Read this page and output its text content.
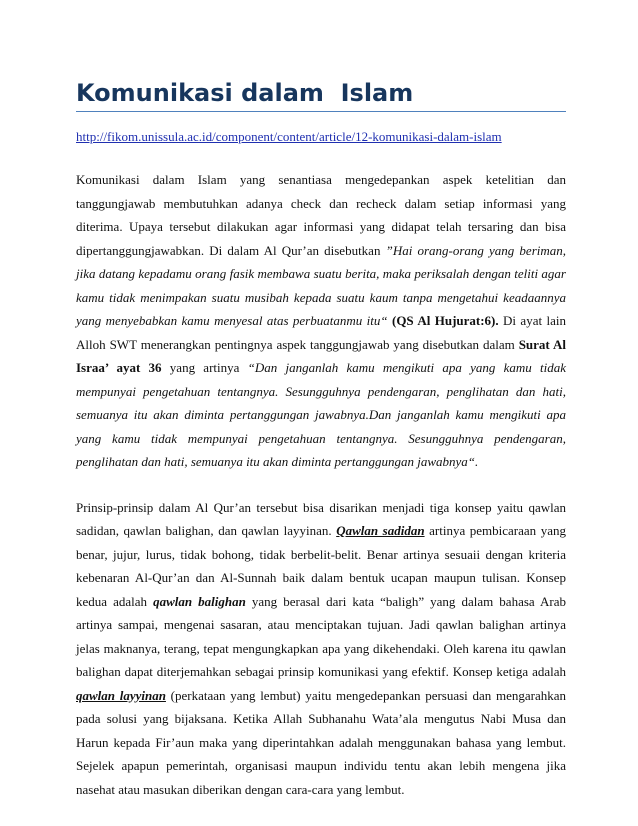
Komunikasi dalam  Islam
http://fikom.unissula.ac.id/component/content/article/12-komunikasi-dalam-islam

Komunikasi dalam Islam yang senantiasa mengedepankan aspek ketelitian dan tanggungjawab membutuhkan adanya check dan recheck dalam setiap informasi yang diterima. Upaya tersebut dilakukan agar informasi yang didapat telah tersaring dan bisa dipertanggungjawabkan. Di dalam Al Qur’an disebutkan ”Hai orang-orang yang beriman, jika datang kepadamu orang fasik membawa suatu berita, maka periksalah dengan teliti agar kamu tidak menimpakan suatu musibah kepada suatu kaum tanpa mengetahui keadaannya yang menyebabkan kamu menyesal atas perbuatanmu itu“ (QS Al Hujurat:6). Di ayat lain Alloh SWT menerangkan pentingnya aspek tanggungjawab yang disebutkan dalam Surat Al Israa’ ayat 36 yang artinya “Dan janganlah kamu mengikuti apa yang kamu tidak mempunyai pengetahuan tentangnya. Sesungguhnya pendengaran, penglihatan dan hati, semuanya itu akan diminta pertanggungan jawabnya.Dan janganlah kamu mengikuti apa yang kamu tidak mempunyai pengetahuan tentangnya. Sesungguhnya pendengaran, penglihatan dan hati, semuanya itu akan diminta pertanggungan jawabnya“.

Prinsip-prinsip dalam Al Qur’an tersebut bisa disarikan menjadi tiga konsep yaitu qawlan sadidan, qawlan balighan, dan qawlan layyinan. Qawlan sadidan artinya pembicaraan yang benar, jujur, lurus, tidak bohong, tidak berbelit-belit. Benar artinya sesuaii dengan kriteria kebenaran Al-Qur’an dan Al-Sunnah baik dalam bentuk ucapan maupun tulisan. Konsep kedua adalah qawlan balighan yang berasal dari kata “baligh” yang dalam bahasa Arab artinya sampai, mengenai sasaran, atau menciptakan tujuan. Jadi qawlan balighan artinya jelas maknanya, terang, tepat mengungkapkan apa yang dikehendaki. Oleh karena itu qawlan balighan dapat diterjemahkan sebagai prinsip komunikasi yang efektif. Konsep ketiga adalah qawlan layyinan (perkataan yang lembut) yaitu mengedepankan persuasi dan mengarahkan pada solusi yang bijaksana. Ketika Allah Subhanahu Wata’ala mengutus Nabi Musa dan Harun kepada Fir’aun maka yang diperintahkan adalah menggunakan bahasa yang lembut. Sejelek apapun pemerintah, organisasi maupun individu tentu akan lebih mengena jika nasehat atau masukan diberikan dengan cara-cara yang lembut.
